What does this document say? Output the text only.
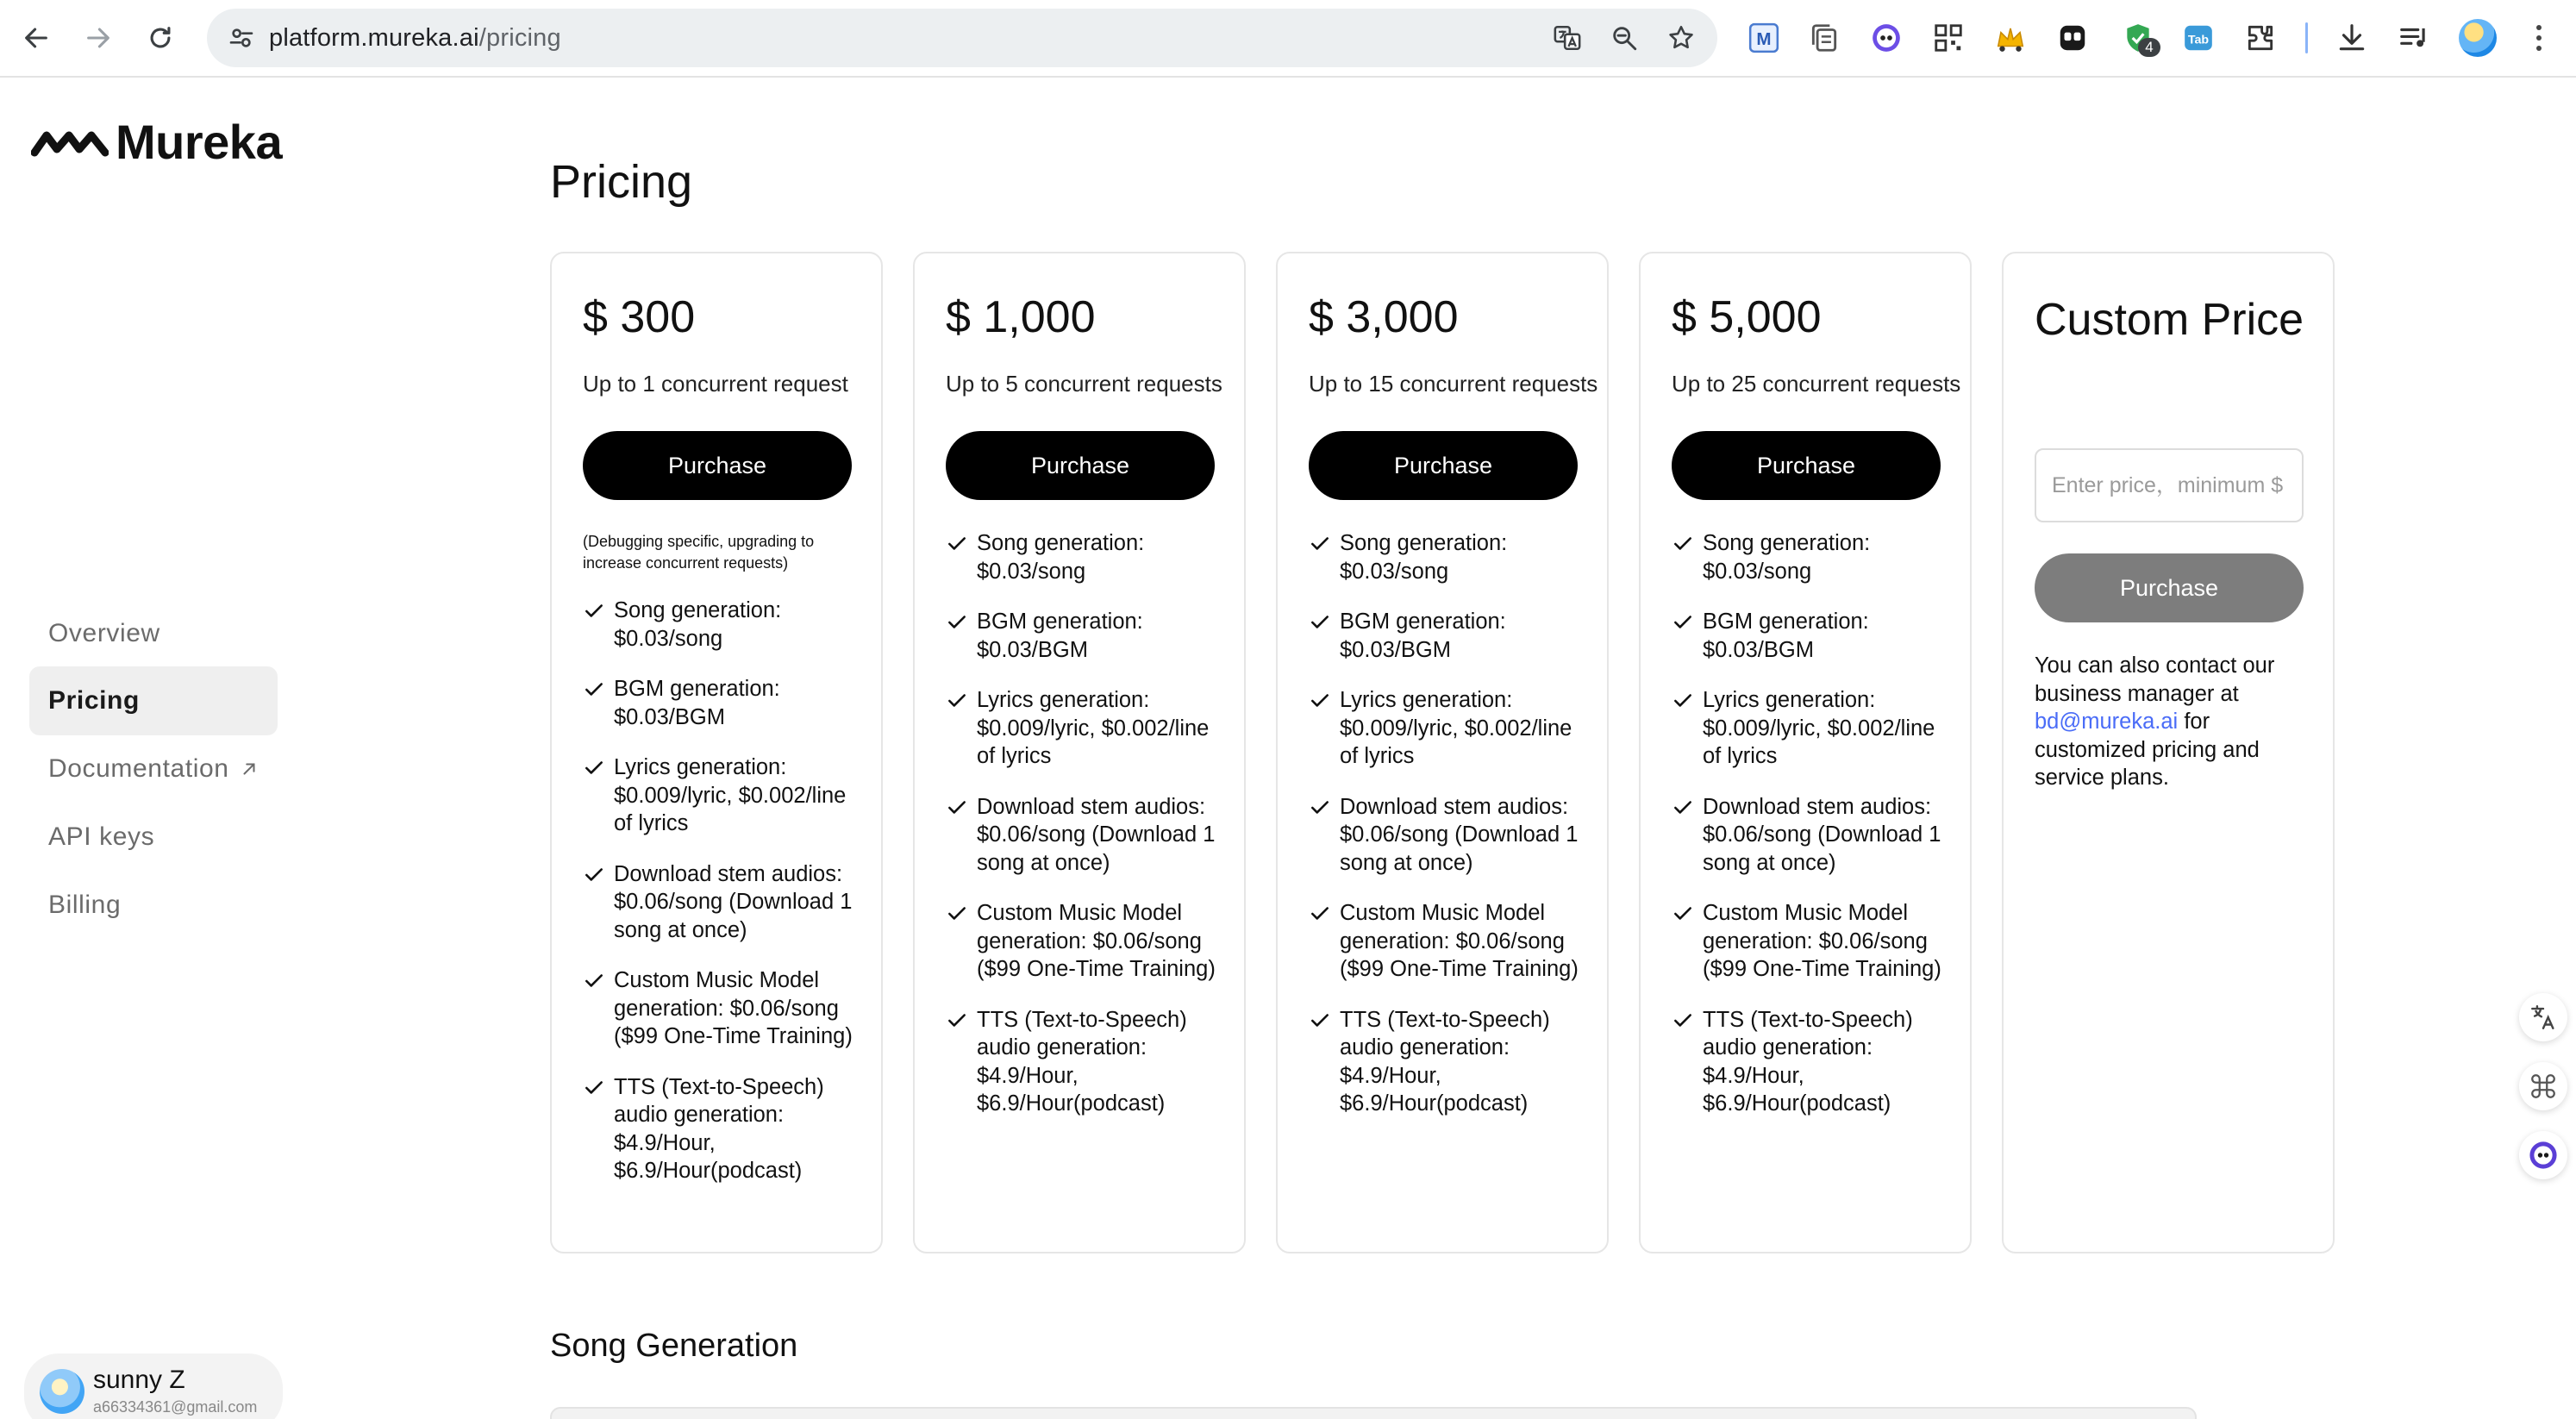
platform.mureka.ai/pricing	M	4	Tab
Mureka
Overview
Pricing
Documentation
API keys
Billing
sunny Z
a66334361@gmail.com
Pricing
$ 300
Up to 1 concurrent request
Purchase
(Debugging specific, upgrading to increase concurrent requests)
Song generation: $0.03/song
BGM generation: $0.03/BGM
Lyrics generation: $0.009/lyric, $0.002/line of lyrics
Download stem audios: $0.06/song (Download 1 song at once)
Custom Music Model generation: $0.06/song ($99 One-Time Training)
TTS (Text-to-Speech) audio generation: $4.9/Hour, $6.9/Hour(podcast)
$ 1,000
Up to 5 concurrent requests
Purchase
Song generation: $0.03/song
BGM generation: $0.03/BGM
Lyrics generation: $0.009/lyric, $0.002/line of lyrics
Download stem audios: $0.06/song (Download 1 song at once)
Custom Music Model generation: $0.06/song ($99 One-Time Training)
TTS (Text-to-Speech) audio generation: $4.9/Hour, $6.9/Hour(podcast)
$ 3,000
Up to 15 concurrent requests
Purchase
Song generation: $0.03/song
BGM generation: $0.03/BGM
Lyrics generation: $0.009/lyric, $0.002/line of lyrics
Download stem audios: $0.06/song (Download 1 song at once)
Custom Music Model generation: $0.06/song ($99 One-Time Training)
TTS (Text-to-Speech) audio generation: $4.9/Hour, $6.9/Hour(podcast)
$ 5,000
Up to 25 concurrent requests
Purchase
Song generation: $0.03/song
BGM generation: $0.03/BGM
Lyrics generation: $0.009/lyric, $0.002/line of lyrics
Download stem audios: $0.06/song (Download 1 song at once)
Custom Music Model generation: $0.06/song ($99 One-Time Training)
TTS (Text-to-Speech) audio generation: $4.9/Hour, $6.9/Hour(podcast)
Custom Price
Enter price，minimum $
Purchase
You can also contact our business manager at bd@mureka.ai for customized pricing and service plans.
Song Generation
